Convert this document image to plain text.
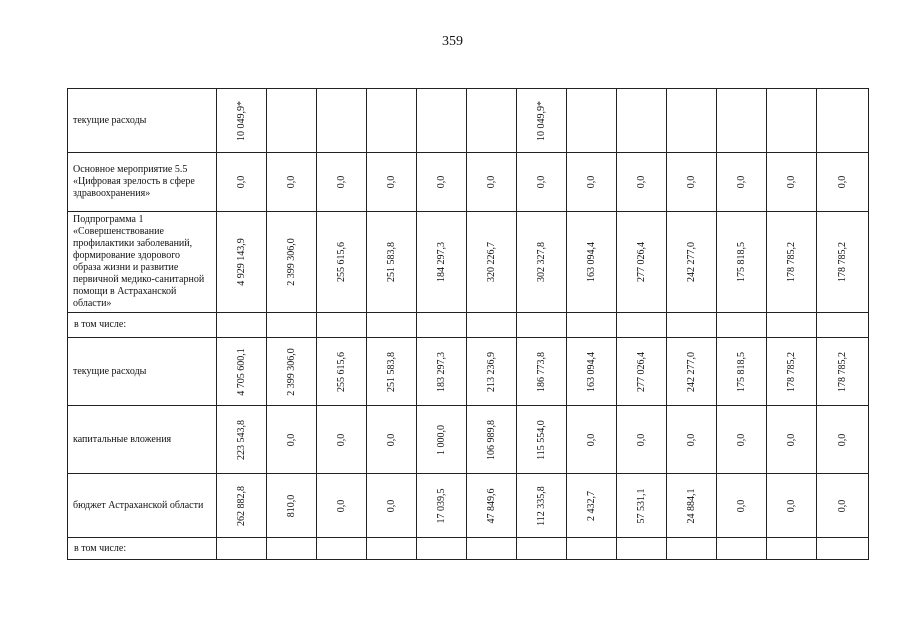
359
текущие расходы	10 049,9*						10 049,9*						

Основное мероприятие 5.5 «Цифровая зрелость в сфере здравоохранения»	0,0	0,0	0,0	0,0	0,0	0,0	0,0	0,0	0,0	0,0	0,0	0,0	0,0

Подпрограмма 1 «Совершенствование профилактики заболеваний, формирование здорового образа жизни и развитие первичной медико-санитарной помощи в Астраханской области»	4 929 143,9	2 399 306,0	255 615,6	251 583,8	184 297,3	320 226,7	302 327,8	163 094,4	277 026,4	242 277,0	175 818,5	178 785,2	178 785,2

в том числе:	

текущие расходы	4 705 600,1	2 399 306,0	255 615,6	251 583,8	183 297,3	213 236,9	186 773,8	163 094,4	277 026,4	242 277,0	175 818,5	178 785,2	178 785,2

капитальные вложения	223 543,8	0,0	0,0	0,0	1 000,0	106 989,8	115 554,0	0,0	0,0	0,0	0,0	0,0	0,0

бюджет Астраханской области	262 882,8	810,0	0,0	0,0	17 039,5	47 849,6	112 335,8	2 432,7	57 531,1	24 884,1	0,0	0,0	0,0

в том числе:	
